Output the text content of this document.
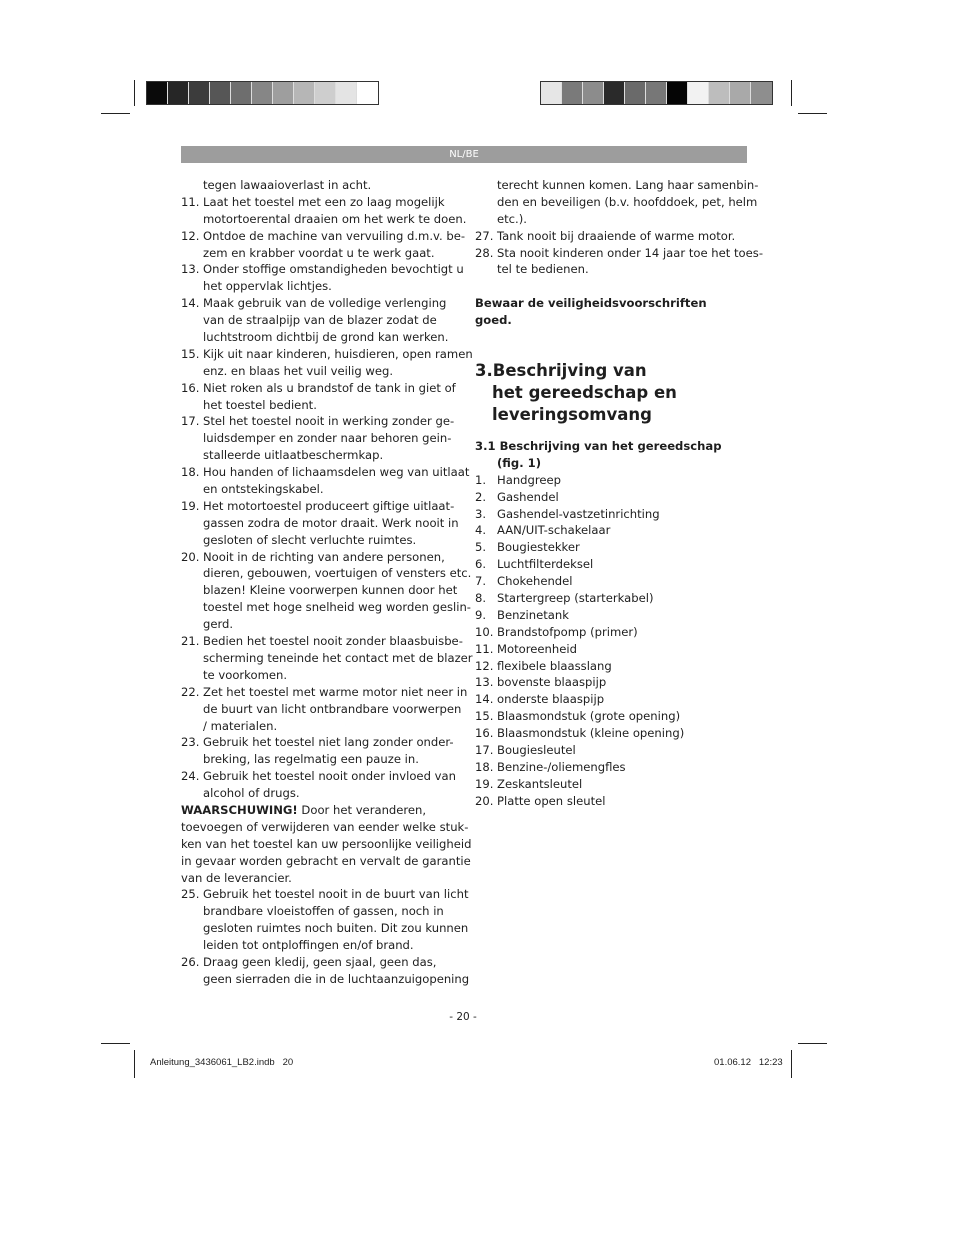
NL/BE
tegen lawaaioverlast in acht.
11. Laat het toestel met een zo laag mogelijk
motortoerental draaien om het werk te doen.
12. Ontdoe de machine van vervuiling d.m.v. be-
zem en krabber voordat u te werk gaat.
13. Onder stoffige omstandigheden bevochtigt u
het oppervlak lichtjes.
14. Maak gebruik van de volledige verlenging
van de straalpijp van de blazer zodat de
luchtstroom dichtbij de grond kan werken.
15. Kijk uit naar kinderen, huisdieren, open ramen
enz. en blaas het vuil veilig weg.
16. Niet roken als u brandstof de tank in giet of
het toestel bedient.
17. Stel het toestel nooit in werking zonder ge-
luidsdemper en zonder naar behoren gein-
stalleerde uitlaatbeschermkap.
18. Hou handen of lichaamsdelen weg van uitlaat
en ontstekingskabel.
19. Het motortoestel produceert giftige uitlaat-
gassen zodra de motor draait. Werk nooit in
gesloten of slecht verluchte ruimtes.
20. Nooit in de richting van andere personen,
dieren, gebouwen, voertuigen of vensters etc.
blazen! Kleine voorwerpen kunnen door het
toestel met hoge snelheid weg worden geslin-
gerd.
21. Bedien het toestel nooit zonder blaasbuisbe-
scherming teneinde het contact met de blazer
te voorkomen.
22. Zet het toestel met warme motor niet neer in
de buurt van licht ontbrandbare voorwerpen
/ materialen.
23. Gebruik het toestel niet lang zonder onder-
breking, las regelmatig een pauze in.
24. Gebruik het toestel nooit onder invloed van
alcohol of drugs.
WAARSCHUWING! Door het veranderen,
toevoegen of verwijderen van eender welke stuk-
ken van het toestel kan uw persoonlijke veiligheid
in gevaar worden gebracht en vervalt de garantie
van de leverancier.
25. Gebruik het toestel nooit in de buurt van licht
brandbare vloeistoffen of gassen, noch in
gesloten ruimtes noch buiten. Dit zou kunnen
leiden tot ontploffingen en/of brand.
26. Draag geen kledij, geen sjaal, geen das,
geen sierraden die in de luchtaanzuigopening
terecht kunnen komen. Lang haar samenbin-
den en beveiligen (b.v. hoofddoek, pet, helm
etc.).
27. Tank nooit bij draaiende of warme motor.
28. Sta nooit kinderen onder 14 jaar toe het toes-
tel te bedienen.
Bewaar de veiligheidsvoorschriften
goed.
3.Beschrijving van
het gereedschap en
leveringsomvang
3.1 Beschrijving van het gereedschap
(fig. 1)
1. Handgreep
2. Gashendel
3. Gashendel-vastzetinrichting
4. AAN/UIT-schakelaar
5. Bougiestekker
6. Luchtfilterdeksel
7. Chokehendel
8. Startergreep (starterkabel)
9. Benzinetank
10. Brandstofpomp (primer)
11. Motoreenheid
12. flexibele blaasslang
13. bovenste blaaspijp
14. onderste blaaspijp
15. Blaasmondstuk (grote opening)
16. Blaasmondstuk (kleine opening)
17. Bougiesleutel
18. Benzine-/oliemengfles
19. Zeskantsleutel
20. Platte open sleutel
- 20 -
Anleitung_3436061_LB2.indb   20	01.06.12   12:23
